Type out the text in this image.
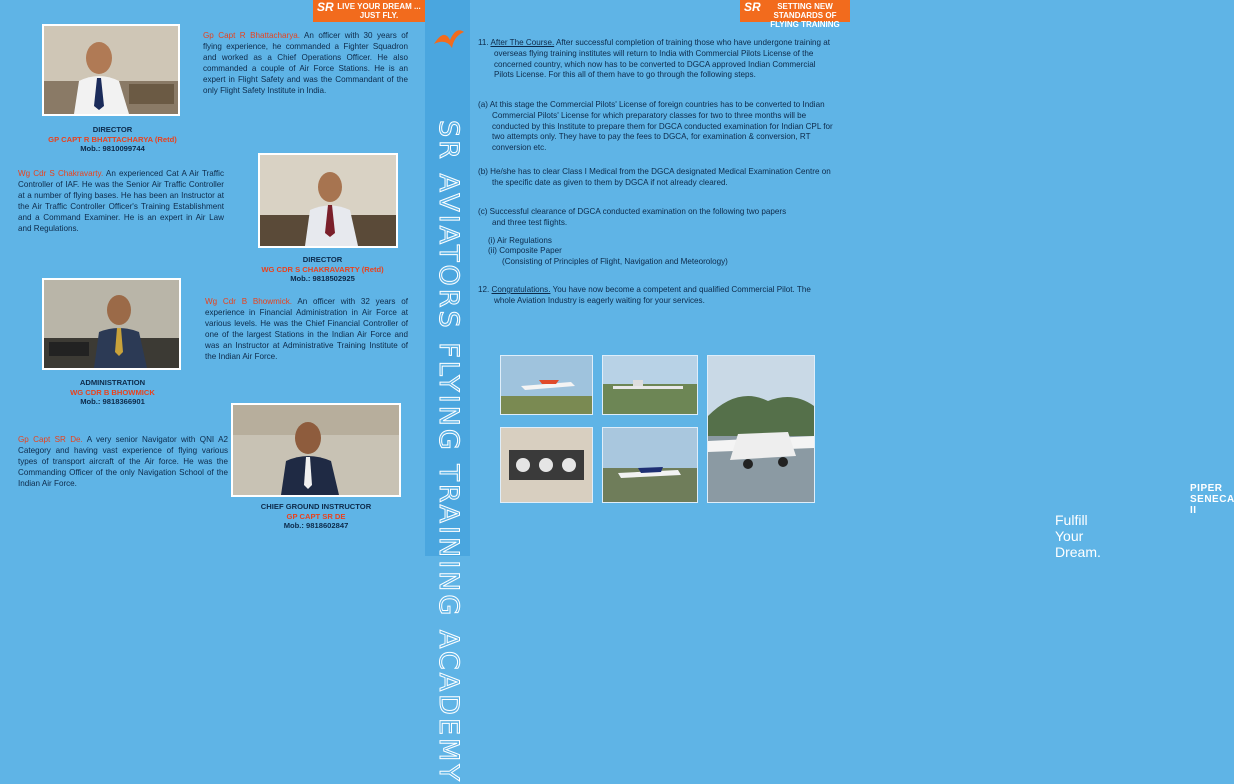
SR LIVE YOUR DREAM ... JUST FLY.
Gp Capt R Bhattacharya. An officer with 30 years of flying experience, he commanded a Fighter Squadron and worked as a Chief Operations Officer. He also commanded a couple of Air Force Stations. He is an expert in Flight Safety and was the Commandant of the only Flight Safety Institute in India.
DIRECTOR
GP CAPT R BHATTACHARYA (Retd)
Mob.: 9810099744
Wg Cdr S Chakravarty. An experienced Cat A Air Traffic Controller of IAF. He was the Senior Air Traffic Controller at a number of flying bases. He has been an Instructor at the Air Traffic Controller Officer's Training Establishment and a Command Examiner. He is an expert in Air Law and Regulations.
DIRECTOR
WG CDR S CHAKRAVARTY (Retd)
Mob.: 9818502925
Wg Cdr B Bhowmick. An officer with 32 years of experience in Financial Administration in Air Force at various levels. He was the Chief Financial Controller of one of the largest Stations in the Indian Air Force and was an Instructor at Administrative Training Institute of the Indian Air Force.
ADMINISTRATION
WG CDR B BHOWMICK
Mob.: 9818366901
Gp Capt SR De. A very senior Navigator with QNI A2 Category and having vast experience of flying various types of transport aircraft of the Air force. He was the Commanding Officer of the only Navigation School of the Indian Air Force.
CHIEF GROUND INSTRUCTOR
GP CAPT SR DE
Mob.: 9818602847	SR AVIATORS FLYING TRAINING ACADEMY
SR	SETTING NEW STANDARDS OF FLYING TRAINING
11. After The Course. After successful completion of training those who have undergone training at overseas flying training institutes will return to India with Commercial Pilots License of the concerned country, which now has to be converted to DGCA approved Indian Commercial Pilots License. For this all of them have to go through the following steps.
(a) At this stage the Commercial Pilots' License of foreign countries has to be converted to Indian Commercial Pilots' License for which preparatory classes for two to three months will be conducted by this Institute to prepare them for DGCA conducted examination for Indian CPL for two attempts only. They have to pay the fees to DGCA, for examination & conversion, RT conversion etc.
(b) He/she has to clear Class I Medical from the DGCA designated Medical Examination Centre on the specific date as given to them by DGCA if not already cleared.
(c) Successful clearance of DGCA conducted examination on the following two papers and three test flights.
(i) Air Regulations
(ii) Composite Paper
(Consisting of Principles of Flight, Navigation and Meteorology)
12. Congratulations. You have now become a competent and qualified Commercial Pilot. The whole Aviation Industry is eagerly waiting for your services.
PIPER SENECA II
Fulfill Your Dream.
